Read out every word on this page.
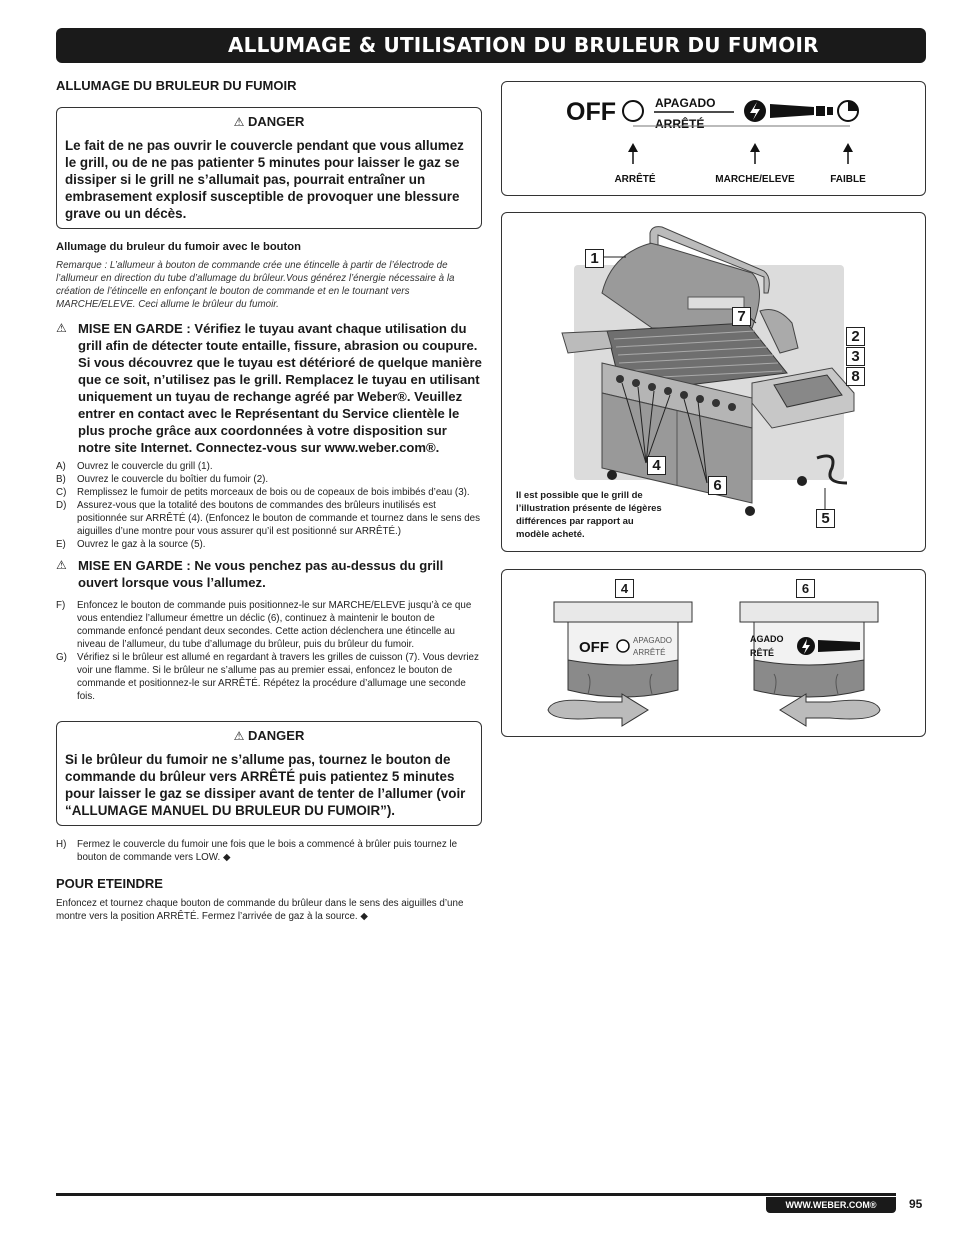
ALLUMAGE & UTILISATION DU BRULEUR DU FUMOIR

ALLUMAGE DU BRULEUR DU FUMOIR

⚠ DANGER
Le fait de ne pas ouvrir le couvercle pendant que vous allumez le grill, ou de ne pas patienter 5 minutes pour laisser le gaz se dissiper si le grill ne s’allumait pas, pourrait entraîner un embrasement explosif susceptible de provoquer une blessure grave ou un décès.
Allumage du bruleur du fumoir avec le bouton
Remarque : L’allumeur à bouton de commande crée une étincelle à partir de l’électrode de l’allumeur en direction du tube d’allumage du brûleur.Vous générez l’énergie nécessaire à la création de l’étincelle en enfonçant le bouton de commande et en le tournant vers MARCHE/ELEVE. Ceci allume le brûleur du fumoir.
⚠ MISE EN GARDE : Vérifiez le tuyau avant chaque utilisation du grill afin de détecter toute entaille, fissure, abrasion ou coupure. Si vous découvrez que le tuyau est détérioré de quelque manière que ce soit, n’utilisez pas le grill. Remplacez le tuyau en utilisant uniquement un tuyau de rechange agréé par Weber®. Veuillez entrer en contact avec le Représentant du Service clientèle le plus proche grâce aux coordonnées à votre disposition sur notre site Internet. Connectez-vous sur www.weber.com®.
A)	Ouvrez le couvercle du grill (1).
B)	Ouvrez le couvercle du boîtier du fumoir (2).
C)	Remplissez le fumoir de petits morceaux de bois ou de copeaux de bois imbibés d’eau (3).
D)	Assurez-vous que la totalité des boutons de commandes des brûleurs inutilisés est positionnée sur ARRÊTÉ (4). (Enfoncez le bouton de commande et tournez dans le sens des aiguilles d’une montre pour vous assurer qu’il est positionné sur ARRÊTÉ.)
E)	Ouvrez le gaz à la source (5).
⚠ MISE EN GARDE : Ne vous penchez pas au-dessus du grill ouvert lorsque vous l’allumez.
F)	Enfoncez le bouton de commande puis positionnez-le sur MARCHE/ELEVE jusqu’à ce que vous entendiez l’allumeur émettre un déclic (6), continuez à maintenir le bouton de commande enfoncé pendant deux secondes. Cette action déclenchera une étincelle au niveau de l’allumeur, du tube d’allumage du brûleur, puis du brûleur du fumoir.
G)	Vérifiez si le brûleur est allumé en regardant à travers les grilles de cuisson (7). Vous devriez voir une flamme. Si le brûleur ne s’allume pas au premier essai, enfoncez le bouton de commande et positionnez-le sur ARRÊTÉ. Répétez la procédure d’allumage une seconde fois.
⚠ DANGER
Si le brûleur du fumoir ne s’allume pas, tournez le bouton de commande du brûleur vers ARRÊTÉ puis patientez 5 minutes pour laisser le gaz se dissiper avant de tenter de l’allumer (voir “ALLUMAGE MANUEL DU BRULEUR DU FUMOIR”).
H)	Fermez le couvercle du fumoir une fois que le bois a commencé à brûler puis tournez le bouton de commande vers LOW. ◆

POUR ETEINDRE

Enfoncez et tournez chaque bouton de commande du brûleur dans le sens des aiguilles d’une montre vers la position ARRÊTÉ. Fermez l’arrivée de gaz à la source. ◆
OFF	APAGADO
ARRÊTÉ
ARRÊTÉ	MARCHE/ELEVE	FAIBLE
1
7
2
3
8
4
6
5
Il est possible que le grill de l’illustration présente de légères différences par rapport au modèle acheté.
OFF	APAGADO
ARRÊTÉ
AGADO
RÊTÉ
4	6
WWW.WEBER.COM®	95
